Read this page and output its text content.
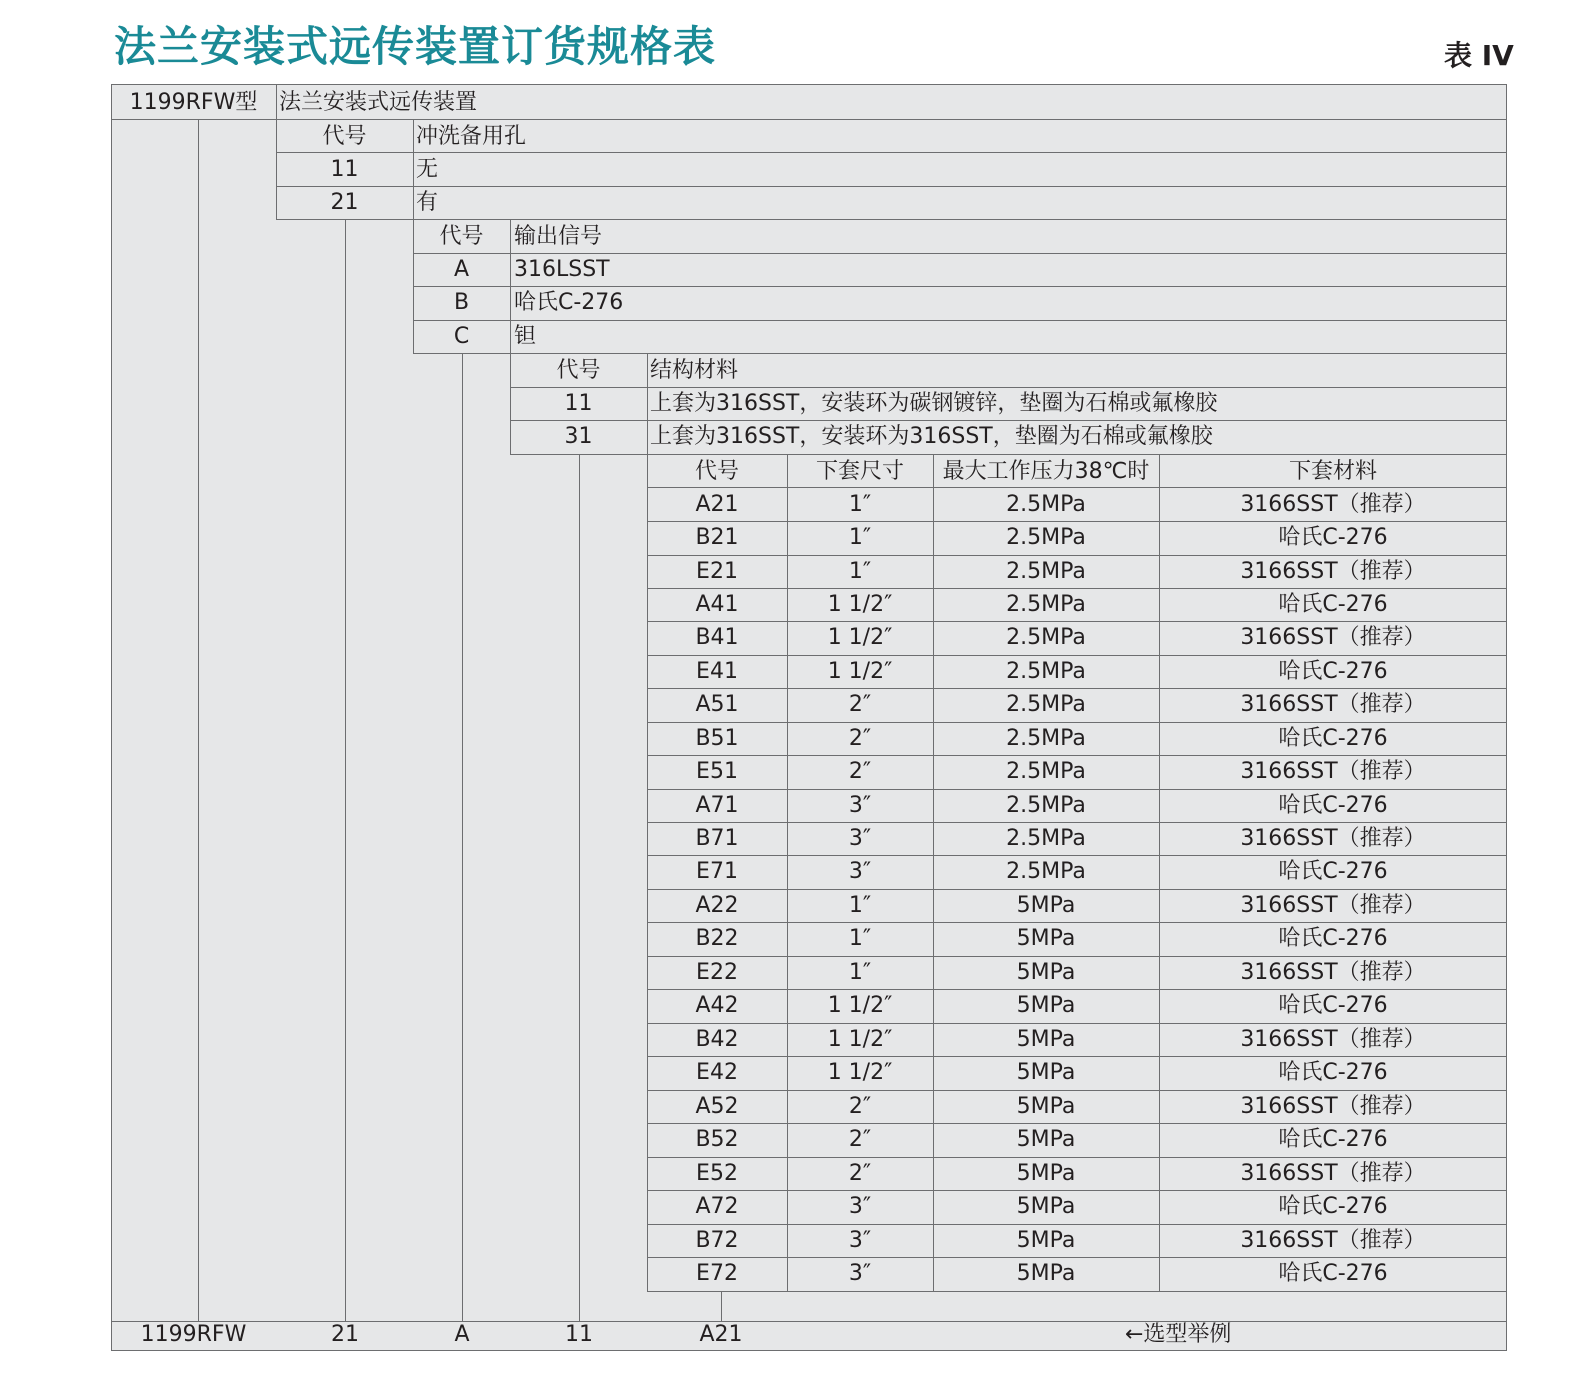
法兰安装式远传装置订货规格表	表 IV
1199RFW型 法兰安装式远传装置
代号	冲洗备用孔
11	无
21	有
代号	输出信号
A	316LSST
B	哈氏C-276
C	钽
代号	结构材料
11	上套为316SST，安装环为碳钢镀锌，垫圈为石棉或氟橡胶
31	上套为316SST，安装环为316SST，垫圈为石棉或氟橡胶
代号	下套尺寸	最大工作压力38℃时	下套材料
A21	1″	2.5MPa	3166SST（推荐）
B21	1″	2.5MPa	哈氏C-276
E21	1″	2.5MPa	3166SST（推荐）
A41	1 1/2″	2.5MPa	哈氏C-276
B41	1 1/2″	2.5MPa	3166SST（推荐）
E41	1 1/2″	2.5MPa	哈氏C-276
A51	2″	2.5MPa	3166SST（推荐）
B51	2″	2.5MPa	哈氏C-276
E51	2″	2.5MPa	3166SST（推荐）
A71	3″	2.5MPa	哈氏C-276
B71	3″	2.5MPa	3166SST（推荐）
E71	3″	2.5MPa	哈氏C-276
A22	1″	5MPa	3166SST（推荐）
B22	1″	5MPa	哈氏C-276
E22	1″	5MPa	3166SST（推荐）
A42	1 1/2″	5MPa	哈氏C-276
B42	1 1/2″	5MPa	3166SST（推荐）
E42	1 1/2″	5MPa	哈氏C-276
A52	2″	5MPa	3166SST（推荐）
B52	2″	5MPa	哈氏C-276
E52	2″	5MPa	3166SST（推荐）
A72	3″	5MPa	哈氏C-276
B72	3″	5MPa	3166SST（推荐）
E72	3″	5MPa	哈氏C-276
1199RFW	21	A	11	A21	←选型举例
